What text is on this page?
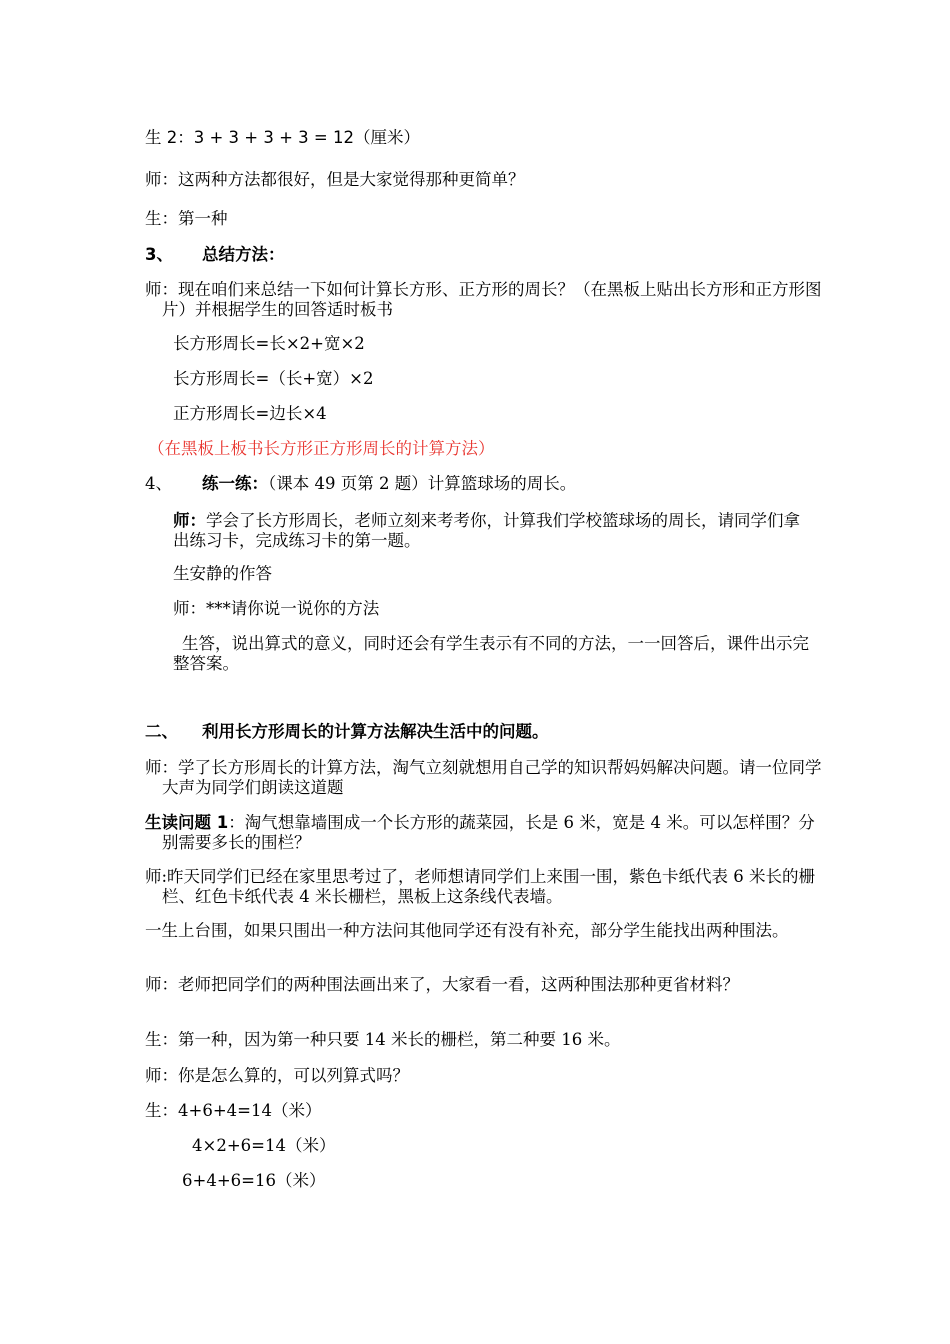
生 2：3 + 3 + 3 + 3 = 12（厘米）

师：这两种方法都很好，但是大家觉得那种更简单？

生：第一种

3、 总结方法：

师：现在咱们来总结一下如何计算长方形、正方形的周长？（在黑板上贴出长方形和正方形图片）并根据学生的回答适时板书

长方形周长=长×2+宽×2

长方形周长=（长+宽）×2

正方形周长=边长×4

（在黑板上板书长方形正方形周长的计算方法）

4、 练一练：（课本 49 页第 2 题）计算篮球场的周长。

师：学会了长方形周长，老师立刻来考考你，计算我们学校篮球场的周长，请同学们拿出练习卡，完成练习卡的第一题。

生安静的作答

师：***请你说一说你的方法

生答，说出算式的意义，同时还会有学生表示有不同的方法，一一回答后，课件出示完整答案。

二、 利用长方形周长的计算方法解决生活中的问题。

师：学了长方形周长的计算方法，淘气立刻就想用自己学的知识帮妈妈解决问题。请一位同学大声为同学们朗读这道题

生读问题 1：淘气想靠墙围成一个长方形的蔬菜园，长是 6 米，宽是 4 米。可以怎样围？分别需要多长的围栏？

师:昨天同学们已经在家里思考过了，老师想请同学们上来围一围，紫色卡纸代表 6 米长的栅栏、红色卡纸代表 4 米长栅栏，黑板上这条线代表墙。

一生上台围，如果只围出一种方法问其他同学还有没有补充，部分学生能找出两种围法。

师：老师把同学们的两种围法画出来了，大家看一看，这两种围法那种更省材料？

生：第一种，因为第一种只要 14 米长的栅栏，第二种要 16 米。

师：你是怎么算的，可以列算式吗？

生：4+6+4=14（米）

4×2+6=14（米）

6+4+6=16（米）
